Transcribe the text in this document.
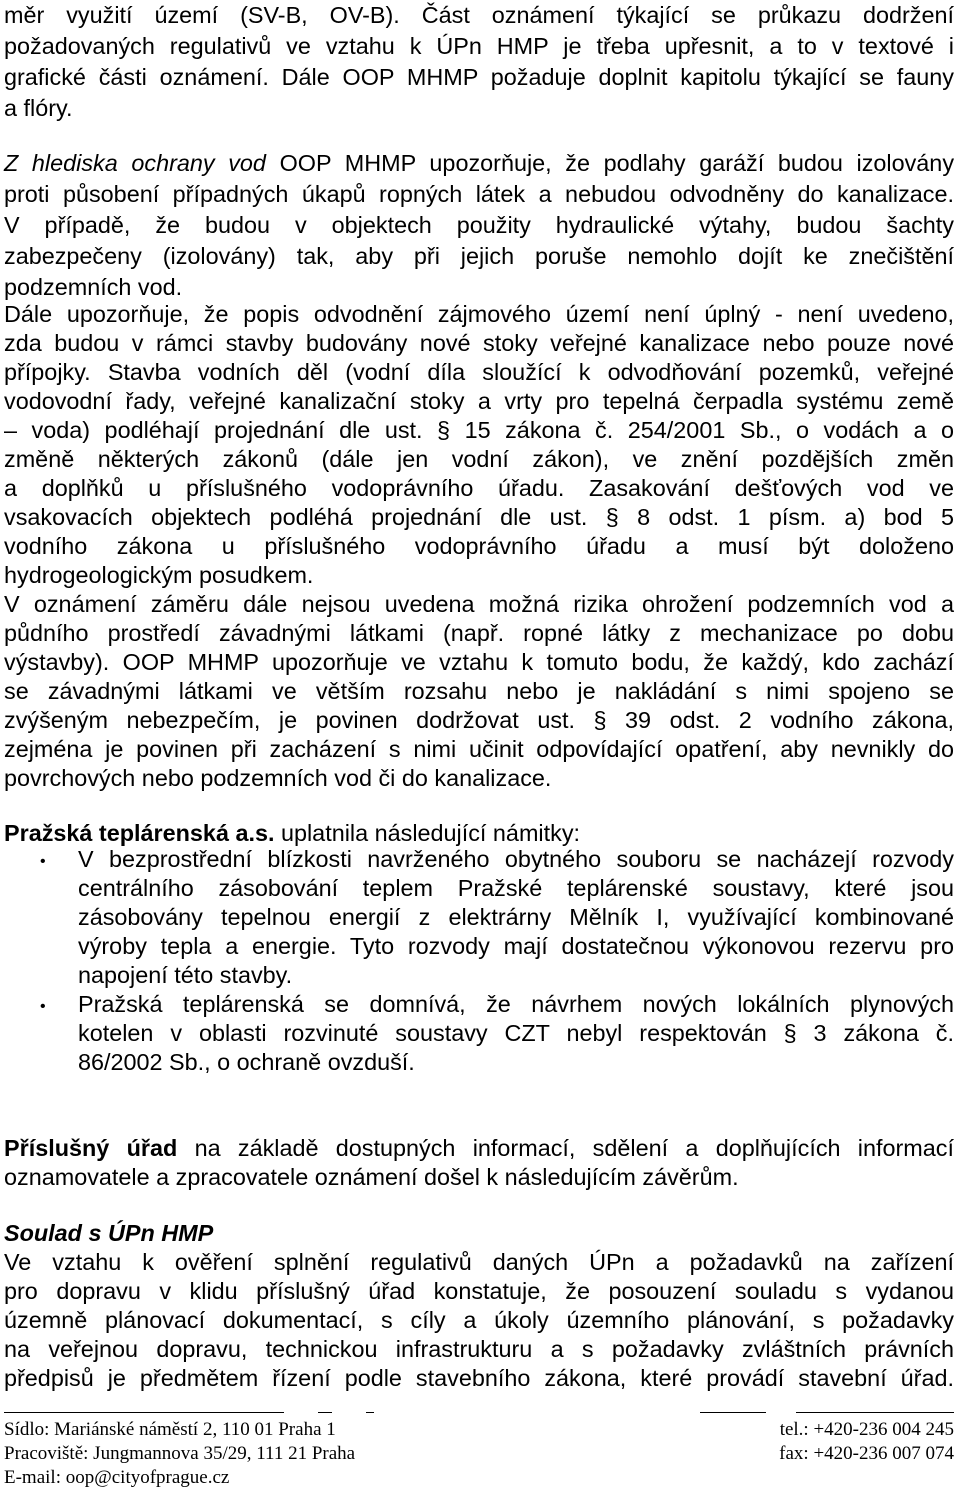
měr využití území (SV-B, OV-B). Část oznámení týkající se průkazu dodržení
požadovaných regulativů ve vztahu k ÚPn HMP je třeba upřesnit, a to v textové i
grafické části oznámení. Dále OOP MHMP požaduje doplnit kapitolu týkající se fauny
a flóry.
Z hlediska ochrany vod OOP MHMP upozorňuje, že podlahy garáží budou izolovány
proti působení případných úkapů ropných látek a nebudou odvodněny do kanalizace.
V případě, že budou v objektech použity hydraulické výtahy, budou šachty
zabezpečeny (izolovány) tak, aby při jejich poruše nemohlo dojít ke znečištění
podzemních vod.
Dále upozorňuje, že popis odvodnění zájmového území není úplný - není uvedeno,
zda budou v rámci stavby budovány nové stoky veřejné kanalizace nebo pouze nové
přípojky. Stavba vodních děl (vodní díla sloužící k odvodňování pozemků, veřejné
vodovodní řady, veřejné kanalizační stoky a vrty pro tepelná čerpadla systému země
– voda) podléhají projednání dle ust. § 15 zákona č. 254/2001 Sb., o vodách a o
změně některých zákonů (dále jen vodní zákon), ve znění pozdějších změn
a doplňků u příslušného vodoprávního úřadu. Zasakování dešťových vod ve
vsakovacích objektech podléhá projednání dle ust. § 8 odst. 1 písm. a) bod 5
vodního zákona u příslušného vodoprávního úřadu a musí být doloženo
hydrogeologickým posudkem.
V oznámení záměru dále nejsou uvedena možná rizika ohrožení podzemních vod a
půdního prostředí závadnými látkami (např. ropné látky z mechanizace po dobu
výstavby). OOP MHMP upozorňuje ve vztahu k tomuto bodu, že každý, kdo zachází
se závadnými látkami ve větším rozsahu nebo je nakládání s nimi spojeno se
zvýšeným nebezpečím, je povinen dodržovat ust. § 39 odst. 2 vodního zákona,
zejména je povinen při zacházení s nimi učinit odpovídající opatření, aby nevnikly do
povrchových nebo podzemních vod či do kanalizace.
Pražská teplárenská a.s. uplatnila následující námitky:
• V bezprostřední blízkosti navrženého obytného souboru se nacházejí rozvody
centrálního zásobování teplem Pražské teplárenské soustavy, které jsou
zásobovány tepelnou energií z elektrárny Mělník I, využívající kombinované
výroby tepla a energie. Tyto rozvody mají dostatečnou výkonovou rezervu pro
napojení této stavby.
• Pražská teplárenská se domnívá, že návrhem nových lokálních plynových
kotelen v oblasti rozvinuté soustavy CZT nebyl respektován § 3 zákona č.
86/2002 Sb., o ochraně ovzduší.
Příslušný úřad na základě dostupných informací, sdělení a doplňujících informací
oznamovatele a zpracovatele oznámení došel k následujícím závěrům.
Soulad s ÚPn HMP
Ve vztahu k ověření splnění regulativů daných ÚPn a požadavků na zařízení
pro dopravu v klidu příslušný úřad konstatuje, že posouzení souladu s vydanou
územně plánovací dokumentací, s cíly a úkoly územního plánování, s požadavky
na veřejnou dopravu, technickou infrastrukturu a s požadavky zvláštních právních
předpisů je předmětem řízení podle stavebního zákona, které provádí stavební úřad.
Sídlo: Mariánské náměstí 2, 110 01 Praha 1
Pracoviště: Jungmannova 35/29, 111 21 Praha
E-mail: oop@cityofprague.cz
tel.: +420-236 004 245
fax: +420-236 007 074
